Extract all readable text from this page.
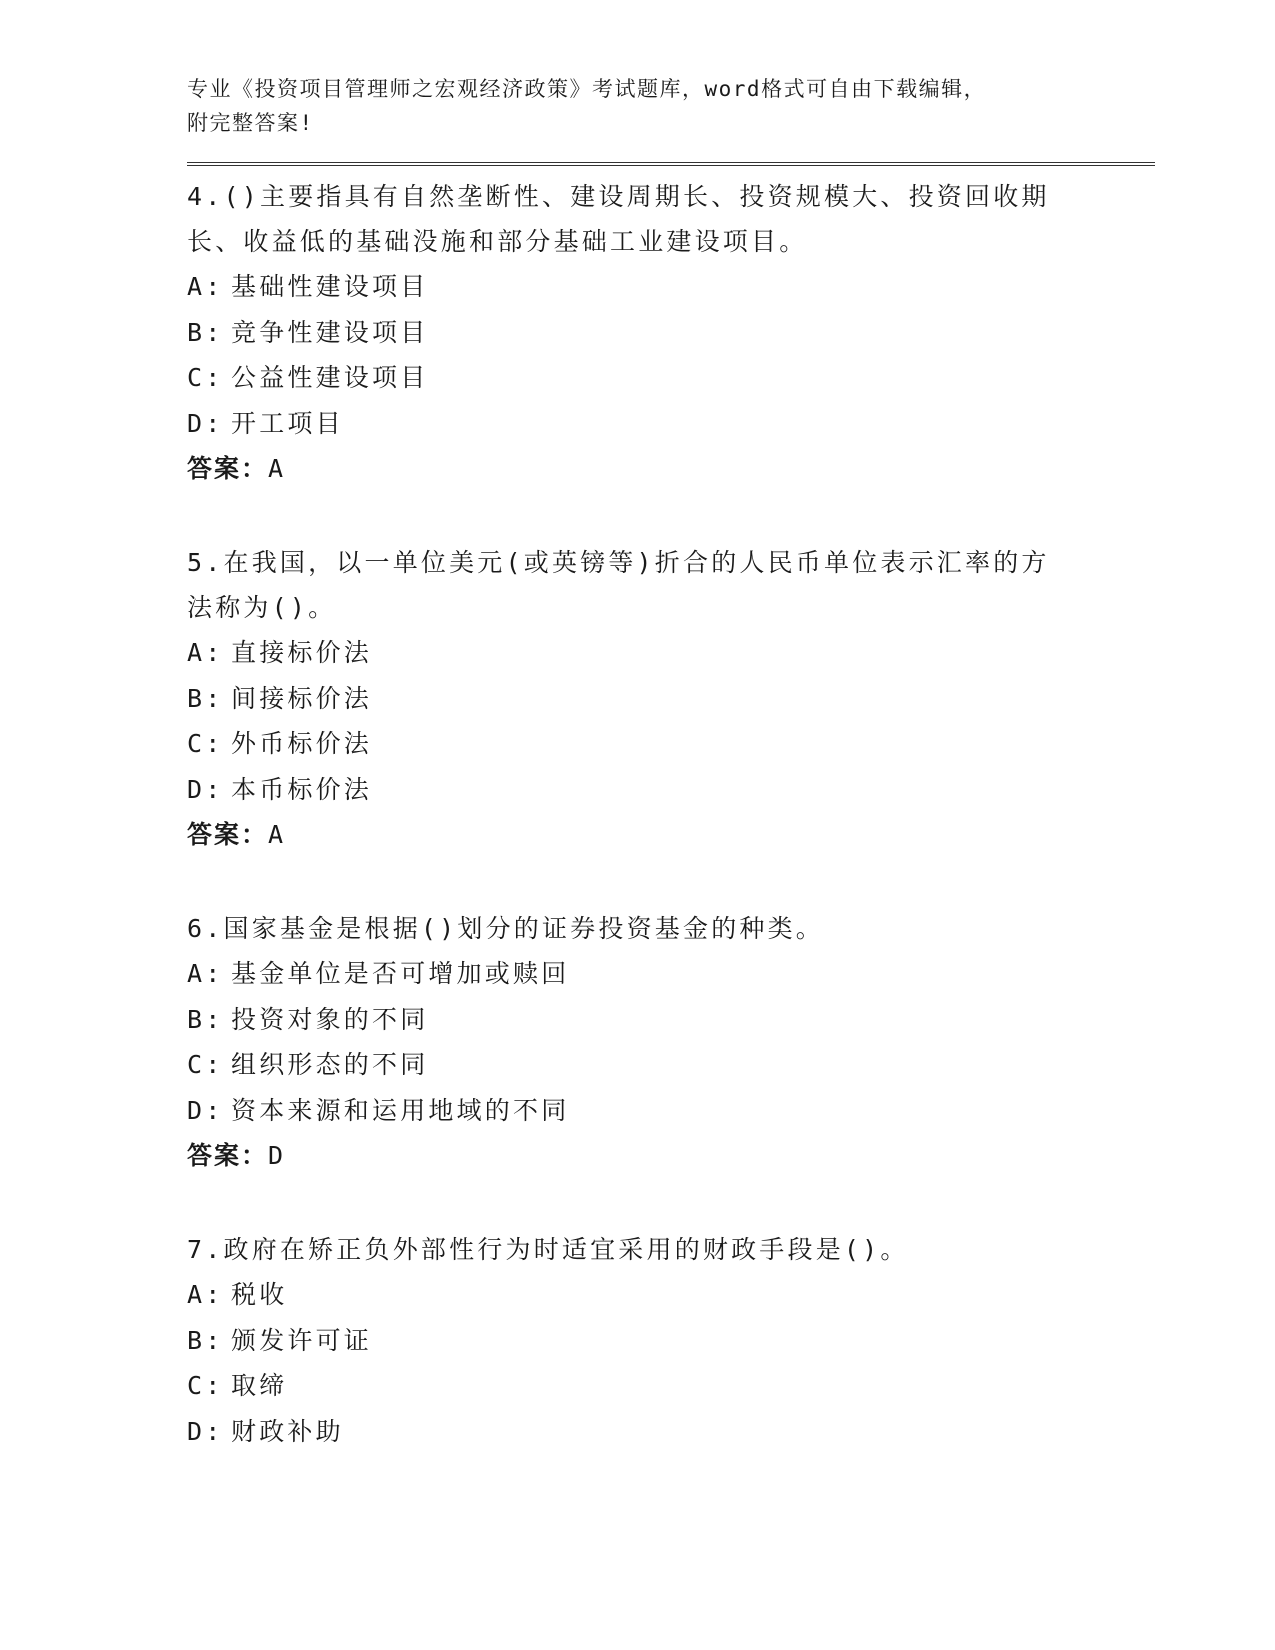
专业《投资项目管理师之宏观经济政策》考试题库，word格式可自由下载编辑，
附完整答案!

4.()主要指具有自然垄断性、建设周期长、投资规模大、投资回收期
长、收益低的基础没施和部分基础工业建设项目。

A: 基础性建设项目

B: 竞争性建设项目

C: 公益性建设项目

D: 开工项目

答案：A

5.在我国，以一单位美元(或英镑等)折合的人民币单位表示汇率的方
法称为()。

A: 直接标价法

B: 间接标价法

C: 外币标价法

D: 本币标价法

答案：A

6.国家基金是根据()划分的证券投资基金的种类。

A: 基金单位是否可增加或赎回

B: 投资对象的不同

C: 组织形态的不同

D: 资本来源和运用地域的不同

答案：D

7.政府在矫正负外部性行为时适宜采用的财政手段是()。

A: 税收

B: 颁发许可证

C: 取缔

D: 财政补助
